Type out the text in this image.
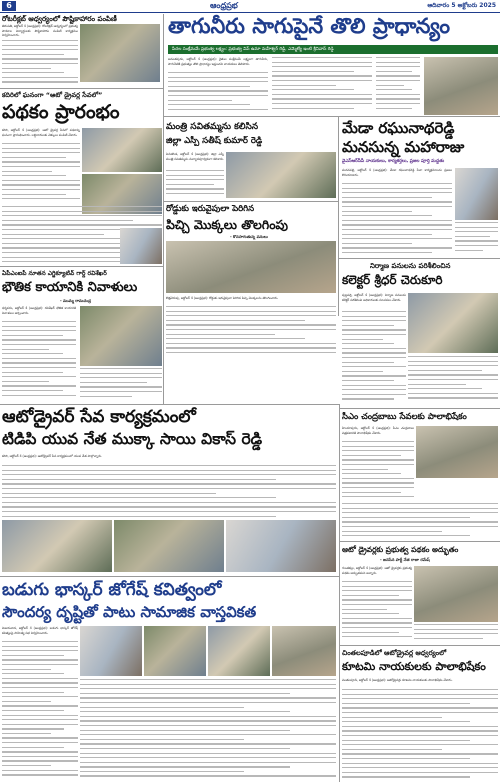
6	ఆంధ్రప్రభ	ఆదివారం 5 అక్టోబరు 2025
రోటరీక్లబ్ ఆధ్వర్యంలో పౌష్టికాహారం పంపిణీ
తిరుపతి, అక్టోబర్ 4 (ఆంధ్రప్రభ): రోటరీక్లబ్ ఆధ్వర్యంలో ప్రభుత్వ పాఠశాల విద్యార్థులకు పౌష్టికాహారం పంపిణీ కార్యక్రమం నిర్వహించారు.	తాగునీరు సాగుపైనే తొలి ప్రాధాన్యం
పేదల సంక్షేమమే ప్రభుత్వ లక్ష్యం: ప్రభుత్వ విప్ ఉమా మహేశ్వర్ రెడ్డి, ఎమ్మెల్యే ఇంటి శ్రీనివాస్ రెడ్డి
అనంతపురం, అక్టోబర్ 4 (ఆంధ్రప్రభ): రైతుల సంక్షేమమే లక్ష్యంగా తాగునీరు, సాగునీటికి ప్రభుత్వం తొలి ప్రాధాన్యం ఇస్తుందని నాయకులు తెలిపారు.
కదిరిలో ఘనంగా “ఆటో డ్రైవర్ల సేవలో”
పథకం ప్రారంభం
కదిరి, అక్టోబర్ 4 (ఆంధ్రప్రభ): ఆటో డ్రైవర్ల సేవలో పథకాన్ని ఘనంగా ప్రారంభించారు. లబ్ధిదారులకు చెక్కులు పంపిణీ చేశారు.
మంత్రి సవితమ్మను కలిసిన
జిల్లా ఎస్పీ సతీష్ కుమార్ రెడ్డి
పెనుకొండ, అక్టోబర్ 4 (ఆంధ్రప్రభ): జిల్లా ఎస్పీ మంత్రి సవితమ్మను మర్యాదపూర్వకంగా కలిశారు.
మేడా రఘునాథరెడ్డి
మనసున్న మహారాజు
వైఎస్ఆర్‌సీపీ నాయకులు, కార్యకర్తలు, ప్రజల పూర్తి మద్దతు
మదనపల్లి, అక్టోబర్ 4 (ఆంధ్రప్రభ): మేడా రఘునాథరెడ్డి సేవా కార్యక్రమాలను ప్రజలు కొనియాడారు.
రోడ్డుకు ఇరువైపులా పెరిగిన
పిచ్చి మొక్కలు తొలగింపు
- కొనసాగుతున్న పనులు
కొత్తచెరువు, అక్టోబర్ 4 (ఆంధ్రప్రభ): రోడ్డుకు ఇరువైపులా పెరిగిన పిచ్చి మొక్కలను తొలగించారు.
నిర్మాణ పనులను పరిశీలించిన
కలెక్టర్ శ్రీధర్ చెరుకూరి
పుట్టపర్తి, అక్టోబర్ 4 (ఆంధ్రప్రభ): నిర్మాణ పనులను కలెక్టర్ పరిశీలించి అధికారులకు సూచనలు చేశారు.
ఏపీఎంఐపీ నూతన ఎగ్జిక్యూటివ్ గార్డ్ రవిశేఖర్
భౌతిక కాయానికి నివాళులు
- ముమ్మ రామచంద్ర
ధర్మవరం, అక్టోబర్ 4 (ఆంధ్రప్రభ): రవిశేఖర్ భౌతిక కాయానికి నివాళులు అర్పించారు.
సీఎం చంద్రబాబు సేవలకు పాలాభిషేకం
హిందూపురం, అక్టోబర్ 4 (ఆంధ్రప్రభ): సీఎం చంద్రబాబు చిత్రపటానికి పాలాభిషేకం చేశారు.
ఆటోడ్రైవర్ సేవ కార్యక్రమంలో
టిడిపి యువ నేత ముక్కా సాయి వికాస్ రెడ్డి
కదిరి, అక్టోబర్ 4 (ఆంధ్రప్రభ): ఆటోడ్రైవర్ సేవ కార్యక్రమంలో యువ నేత పాల్గొన్నారు.
ఆటో డ్రైవర్లకు ప్రభుత్వ పథకం అద్భుతం
- జనసేన పార్టీ నేత రాజా రమేష్
గుంతకల్లు, అక్టోబర్ 4 (ఆంధ్రప్రభ): ఆటో డ్రైవర్లకు ప్రభుత్వ పథకం అద్భుతమని అన్నారు.
బడుగు భాస్కర్ జోగేష్ కవిత్వంలో
సౌందర్య దృష్టితో పాటు సామాజిక వాస్తవికత
విజయవాడ, అక్టోబర్ 4 (ఆంధ్రప్రభ): బడుగు భాస్కర్ జోగేష్ కవిత్వంపై సాహిత్య సభ నిర్వహించారు.
చింతలపూడిలో ఆటోడ్రైవర్ల ఆధ్వర్యంలో
కూటమి నాయకులకు పాలాభిషేకం
చింతలపూడి, అక్టోబర్ 4 (ఆంధ్రప్రభ): ఆటోడ్రైవర్లు కూటమి నాయకులకు పాలాభిషేకం చేశారు.
